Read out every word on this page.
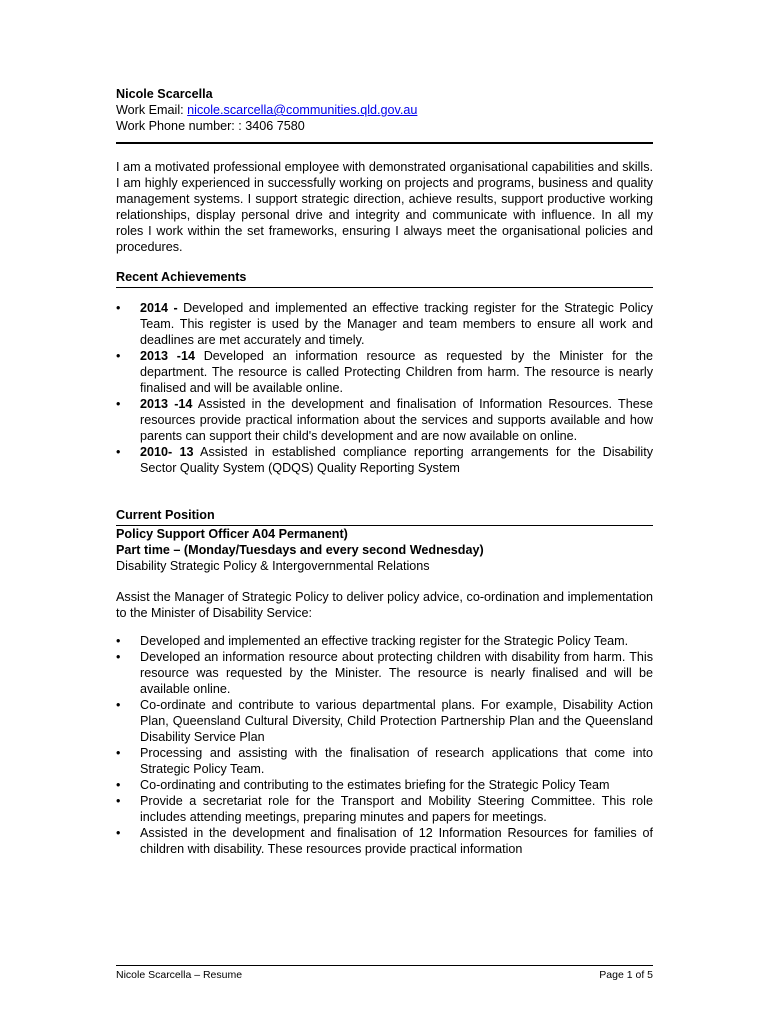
Nicole Scarcella
Work Email: nicole.scarcella@communities.qld.gov.au
Work Phone number: : 3406 7580
I am a motivated professional employee with demonstrated organisational capabilities and skills. I am highly experienced in successfully working on projects and programs, business and quality management systems. I support strategic direction, achieve results, support productive working relationships, display personal drive and integrity and communicate with influence. In all my roles I work within the set frameworks, ensuring I always meet the organisational policies and procedures.
Recent Achievements
•	2014 - Developed and implemented an effective tracking register for the Strategic Policy Team. This register is used by the Manager and team members to ensure all work and deadlines are met accurately and timely.
•	2013 -14 Developed an information resource as requested by the Minister for the department. The resource is called Protecting Children from harm. The resource is nearly finalised and will be available online.
•	2013 -14 Assisted in the development and finalisation of Information Resources. These resources provide practical information about the services and supports available and how parents can support their child's development and are now available on online.
•	2010- 13 Assisted in established compliance reporting arrangements for the Disability Sector Quality System (QDQS) Quality Reporting System
Current Position
Policy Support Officer A04 Permanent)
Part time – (Monday/Tuesdays and every second Wednesday)
Disability Strategic Policy & Intergovernmental Relations
Assist the Manager of Strategic Policy to deliver policy advice, co-ordination and implementation to the Minister of Disability Service:
•	Developed and implemented an effective tracking register for the Strategic Policy Team.
•	Developed an information resource about protecting children with disability from harm. This resource was requested by the Minister. The resource is nearly finalised and will be available online.
•	Co-ordinate and contribute to various departmental plans. For example, Disability Action Plan, Queensland Cultural Diversity, Child Protection Partnership Plan and the Queensland Disability Service Plan
•	Processing and assisting with the finalisation of research applications that come into Strategic Policy Team.
•	Co-ordinating and contributing to the estimates briefing for the Strategic Policy Team
•	Provide a secretariat role for the Transport and Mobility Steering Committee. This role includes attending meetings, preparing minutes and papers for meetings.
•	Assisted in the development and finalisation of 12 Information Resources for families of children with disability. These resources provide practical information
Nicole Scarcella – Resume	Page 1 of 5
